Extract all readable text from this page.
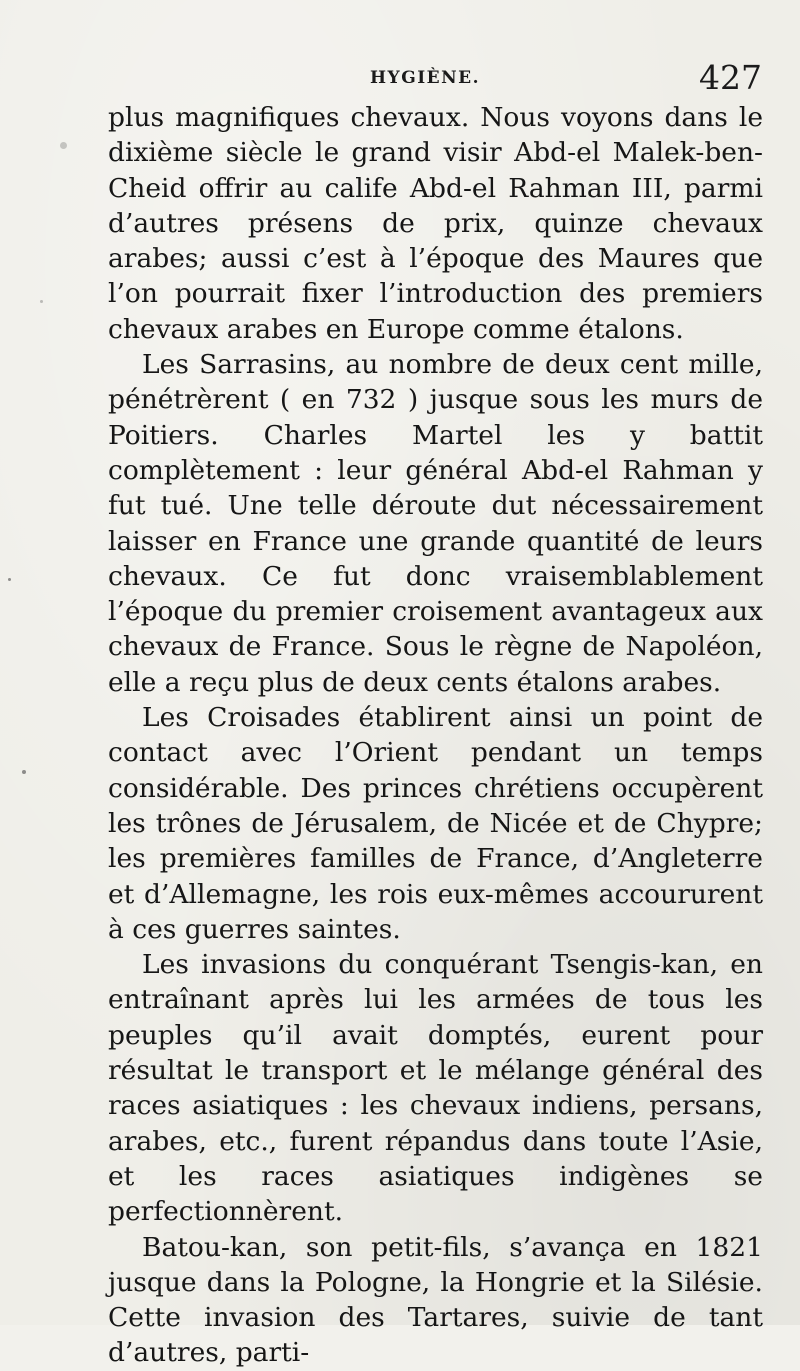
HYGIÈNE.	427

plus magnifiques chevaux. Nous voyons dans le dixième siècle le grand visir Abd-el Malek-ben-Cheid offrir au calife Abd-el Rahman III, parmi d’autres présens de prix, quinze chevaux arabes; aussi c’est à l’époque des Maures que l’on pourrait fixer l’introduction des premiers chevaux arabes en Europe comme étalons.

Les Sarrasins, au nombre de deux cent mille, pénétrèrent ( en 732 ) jusque sous les murs de Poitiers. Charles Martel les y battit complètement : leur général Abd-el Rahman y fut tué. Une telle déroute dut nécessairement laisser en France une grande quantité de leurs chevaux. Ce fut donc vraisemblablement l’époque du premier croisement avantageux aux chevaux de France. Sous le règne de Napoléon, elle a reçu plus de deux cents étalons arabes.

Les Croisades établirent ainsi un point de contact avec l’Orient pendant un temps considérable. Des princes chrétiens occupèrent les trônes de Jérusalem, de Nicée et de Chypre; les premières familles de France, d’Angleterre et d’Allemagne, les rois eux-mêmes accoururent à ces guerres saintes.

Les invasions du conquérant Tsengis-kan, en entraînant après lui les armées de tous les peuples qu’il avait domptés, eurent pour résultat le transport et le mélange général des races asiatiques : les chevaux indiens, persans, arabes, etc., furent répandus dans toute l’Asie, et les races asiatiques indigènes se perfectionnèrent.

Batou-kan, son petit-fils, s’avança en 1821 jusque dans la Pologne, la Hongrie et la Silésie. Cette invasion des Tartares, suivie de tant d’autres, parti-
